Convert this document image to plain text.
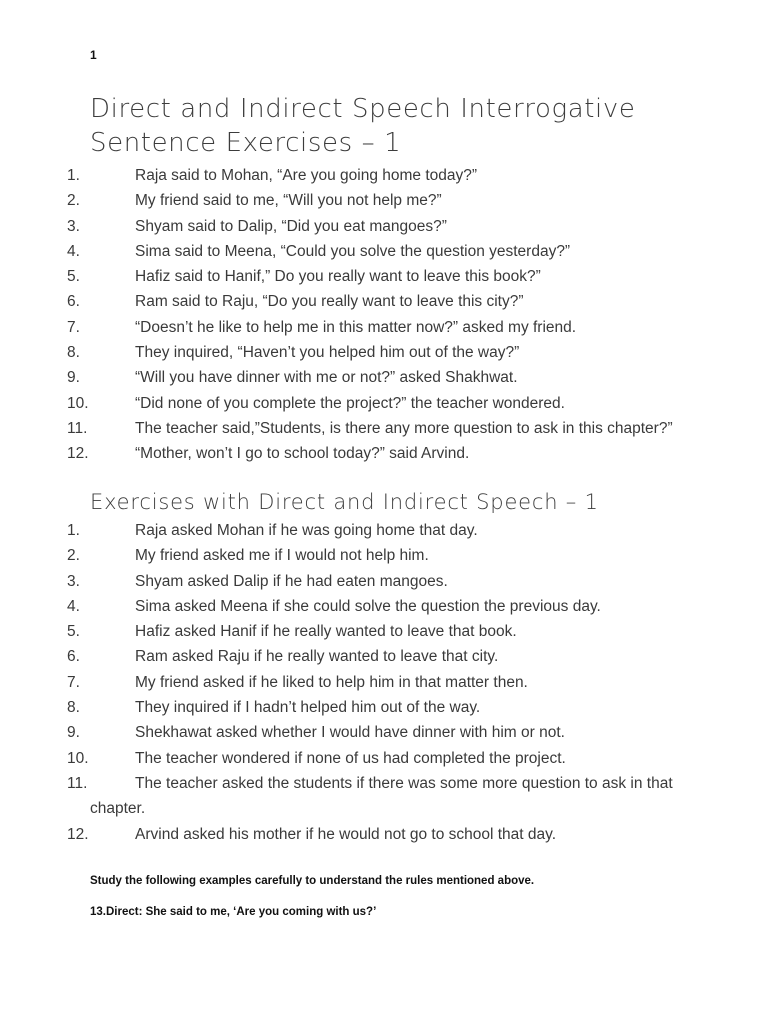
1
Direct and Indirect Speech Interrogative Sentence Exercises – 1
1.	Raja said to Mohan, “Are you going home today?”
2.	My friend said to me, “Will you not help me?”
3.	Shyam said to Dalip, “Did you eat mangoes?”
4.	Sima said to Meena, “Could you solve the question yesterday?”
5.	Hafiz said to Hanif,” Do you really want to leave this book?”
6.	Ram said to Raju, “Do you really want to leave this city?”
7.	“Doesn’t he like to help me in this matter now?” asked my friend.
8.	They inquired, “Haven’t you helped him out of the way?”
9.	“Will you have dinner with me or not?” asked Shakhwat.
10.	“Did none of you complete the project?” the teacher wondered.
11.	The teacher said,”Students, is there any more question to ask in this chapter?”
12.	“Mother, won’t I go to school today?” said Arvind.
Exercises with Direct and Indirect Speech – 1
1.	Raja asked Mohan if he was going home that day.
2.	My friend asked me if I would not help him.
3.	Shyam asked Dalip if he had eaten mangoes.
4.	Sima asked Meena if she could solve the question the previous day.
5.	Hafiz asked Hanif if he really wanted to leave that book.
6.	Ram asked Raju if he really wanted to leave that city.
7.	My friend asked if he liked to help him in that matter then.
8.	They inquired if I hadn’t helped him out of the way.
9.	Shekhawat asked whether I would have dinner with him or not.
10.	The teacher wondered if none of us had completed the project.
11.	The teacher asked the students if there was some more question to ask in that chapter.
12.	Arvind asked his mother if he would not go to school that day.

Study the following examples carefully to understand the rules mentioned above.

13.Direct: She said to me, ‘Are you coming with us?’
